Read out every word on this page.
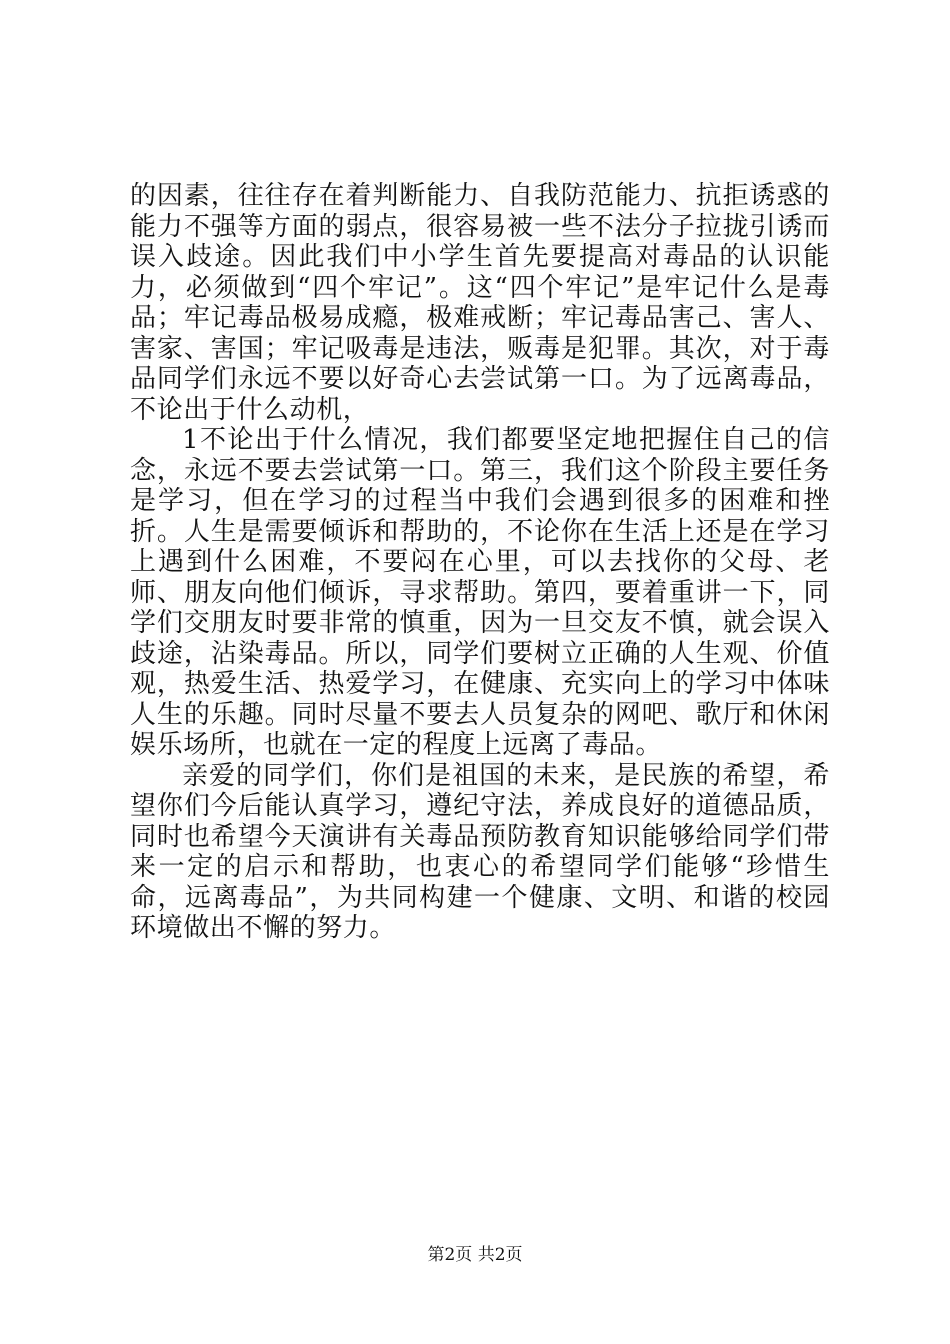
的因素，往往存在着判断能力、自我防范能力、抗拒诱惑的能力不强等方面的弱点，很容易被一些不法分子拉拢引诱而误入歧途。因此我们中小学生首先要提高对毒品的认识能力，必须做到“四个牢记”。这“四个牢记”是牢记什么是毒品；牢记毒品极易成瘾，极难戒断；牢记毒品害己、害人、害家、害国；牢记吸毒是违法，贩毒是犯罪。其次，对于毒品同学们永远不要以好奇心去尝试第一口。为了远离毒品，不论出于什么动机，

1不论出于什么情况，我们都要坚定地把握住自己的信念，永远不要去尝试第一口。第三，我们这个阶段主要任务是学习，但在学习的过程当中我们会遇到很多的困难和挫折。人生是需要倾诉和帮助的，不论你在生活上还是在学习上遇到什么困难，不要闷在心里，可以去找你的父母、老师、朋友向他们倾诉，寻求帮助。第四，要着重讲一下，同学们交朋友时要非常的慎重，因为一旦交友不慎，就会误入歧途，沾染毒品。所以，同学们要树立正确的人生观、价值观，热爱生活、热爱学习，在健康、充实向上的学习中体味人生的乐趣。同时尽量不要去人员复杂的网吧、歌厅和休闲娱乐场所，也就在一定的程度上远离了毒品。

亲爱的同学们，你们是祖国的未来，是民族的希望，希望你们今后能认真学习，遵纪守法，养成良好的道德品质，同时也希望今天演讲有关毒品预防教育知识能够给同学们带来一定的启示和帮助，也衷心的希望同学们能够“珍惜生命，远离毒品”，为共同构建一个健康、文明、和谐的校园环境做出不懈的努力。

第2页 共2页
